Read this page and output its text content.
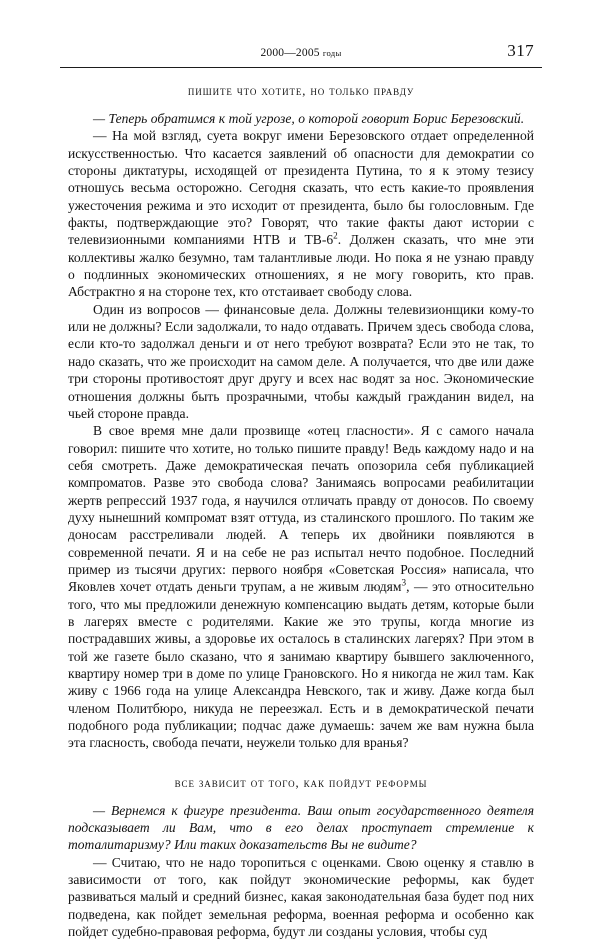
2000—2005 годы	317
пишите что хотите, но только правду

— Теперь обратимся к той угрозе, о которой говорит Борис Березовский.

— На мой взгляд, суета вокруг имени Березовского отдает определенной искусственностью. Что касается заявлений об опасности для демократии со стороны диктатуры, исходящей от президента Путина, то я к этому тезису отношусь весьма осторожно. Сегодня сказать, что есть какие-то проявления ужесточения режима и это исходит от президента, было бы голословным. Где факты, подтверждающие это? Говорят, что такие факты дают истории с телевизионными компаниями НТВ и $ТВ-6^2$. Должен сказать, что мне эти коллективы жалко безумно, там талантливые люди. Но пока я не узнаю правду о подлинных экономических отношениях, я не могу говорить, кто прав. Абстрактно я на стороне тех, кто отстаивает свободу слова.

Один из вопросов — финансовые дела. Должны телевизионщики кому-то или не должны? Если задолжали, то надо отдавать. Причем здесь свобода слова, если кто-то задолжал деньги и от него требуют возврата? Если это не так, то надо сказать, что же происходит на самом деле. А получается, что две или даже три стороны противостоят друг другу и всех нас водят за нос. Экономические отношения должны быть прозрачными, чтобы каждый гражданин видел, на чьей стороне правда.

В свое время мне дали прозвище «отец гласности». Я с самого начала говорил: пишите что хотите, но только пишите правду! Ведь каждому надо и на себя смотреть. Даже демократическая печать опозорила себя публикацией компроматов. Разве это свобода слова? Занимаясь вопросами реабилитации жертв репрессий 1937 года, я научился отличать правду от доносов. По своему духу нынешний компромат взят оттуда, из сталинского прошлого. По таким же доносам расстреливали людей. А теперь их двойники появляются в современной печати. Я и на себе не раз испытал нечто подобное. Последний пример из тысячи других: первого ноября «Советская Россия» написала, что Яковлев хочет отдать деньги трупам, а не живым людям$^3$, — это относительно того, что мы предложили денежную компенсацию выдать детям, которые были в лагерях вместе с родителями. Какие же это трупы, когда многие из пострадавших живы, а здоровье их осталось в сталинских лагерях? При этом в той же газете было сказано, что я занимаю квартиру бывшего заключенного, квартиру номер три в доме по улице Грановского. Но я никогда не жил там. Как живу с 1966 года на улице Александра Невского, так и живу. Даже когда был членом Политбюро, никуда не переезжал. Есть и в демократической печати подобного рода публикации; подчас даже думаешь: зачем же вам нужна была эта гласность, свобода печати, неужели только для вранья?

все зависит от того, как пойдут реформы

— Вернемся к фигуре президента. Ваш опыт государственного деятеля подсказывает ли Вам, что в его делах проступает стремление к тоталитаризму? Или таких доказательств Вы не видите?

— Считаю, что не надо торопиться с оценками. Свою оценку я ставлю в зависимости от того, как пойдут экономические реформы, как будет развиваться малый и средний бизнес, какая законодательная база будет под них подведена, как пойдет земельная реформа, военная реформа и особенно как пойдет судебно-правовая реформа, будут ли созданы условия, чтобы суд
